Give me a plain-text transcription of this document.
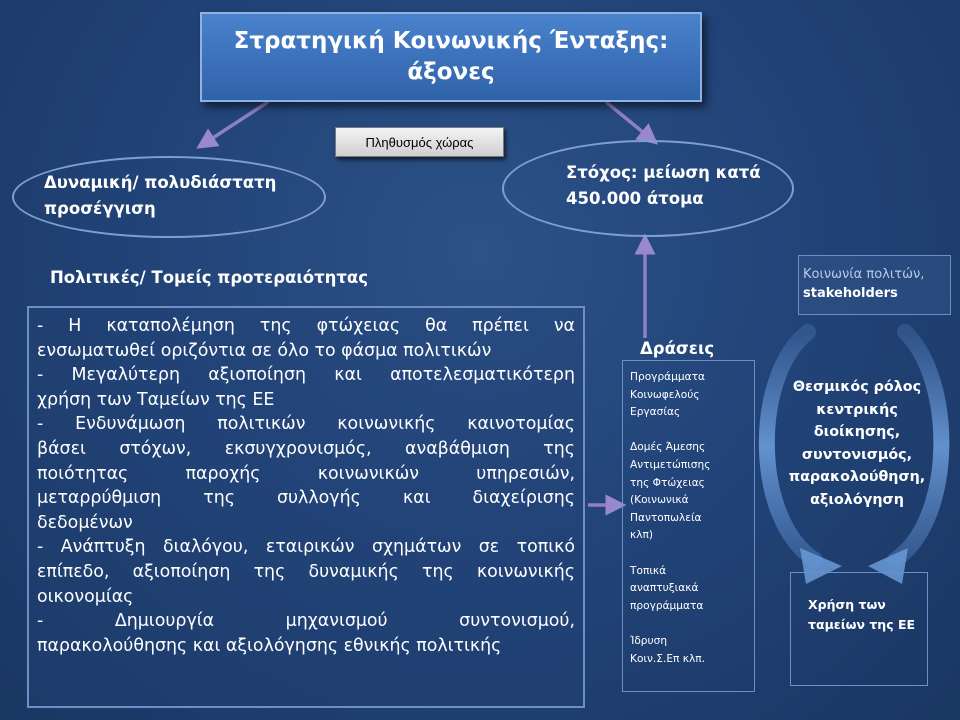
Στρατηγική Κοινωνικής Ένταξης:
άξονες
Πληθυσμός χώρας
Δυναμική/ πολυδιάστατη
προσέγγιση
Στόχος: μείωση κατά
450.000 άτομα
Πολιτικές/ Τομείς προτεραιότητας
- Η καταπολέμηση της φτώχειας θα πρέπει να
ενσωματωθεί οριζόντια σε όλο το φάσμα πολιτικών
- Μεγαλύτερη αξιοποίηση και αποτελεσματικότερη
χρήση των Ταμείων της ΕΕ
- Ενδυνάμωση πολιτικών κοινωνικής καινοτομίας
βάσει στόχων, εκσυγχρονισμός, αναβάθμιση της
ποιότητας παροχής κοινωνικών υπηρεσιών,
μεταρρύθμιση της συλλογής και διαχείρισης
δεδομένων
- Ανάπτυξη διαλόγου, εταιρικών σχημάτων σε τοπικό
επίπεδο, αξιοποίηση της δυναμικής της κοινωνικής
οικονομίας
- Δημιουργία μηχανισμού συντονισμού,
παρακολούθησης και αξιολόγησης εθνικής πολιτικής
Δράσεις
Προγράμματα
Κοινωφελούς
Εργασίας
Δομές Άμεσης
Αντιμετώπισης
της Φτώχειας
(Κοινωνικά
Παντοπωλεία
κλπ)
Τοπικά
αναπτυξιακά
προγράμματα
Ίδρυση
Κοιν.Σ.Επ κλπ.
Κοινωνία πολιτών,
stakeholders
Θεσμικός ρόλος
κεντρικής
διοίκησης,
συντονισμός,
παρακολούθηση,
αξιολόγηση
Χρήση των
ταμείων της ΕΕ
